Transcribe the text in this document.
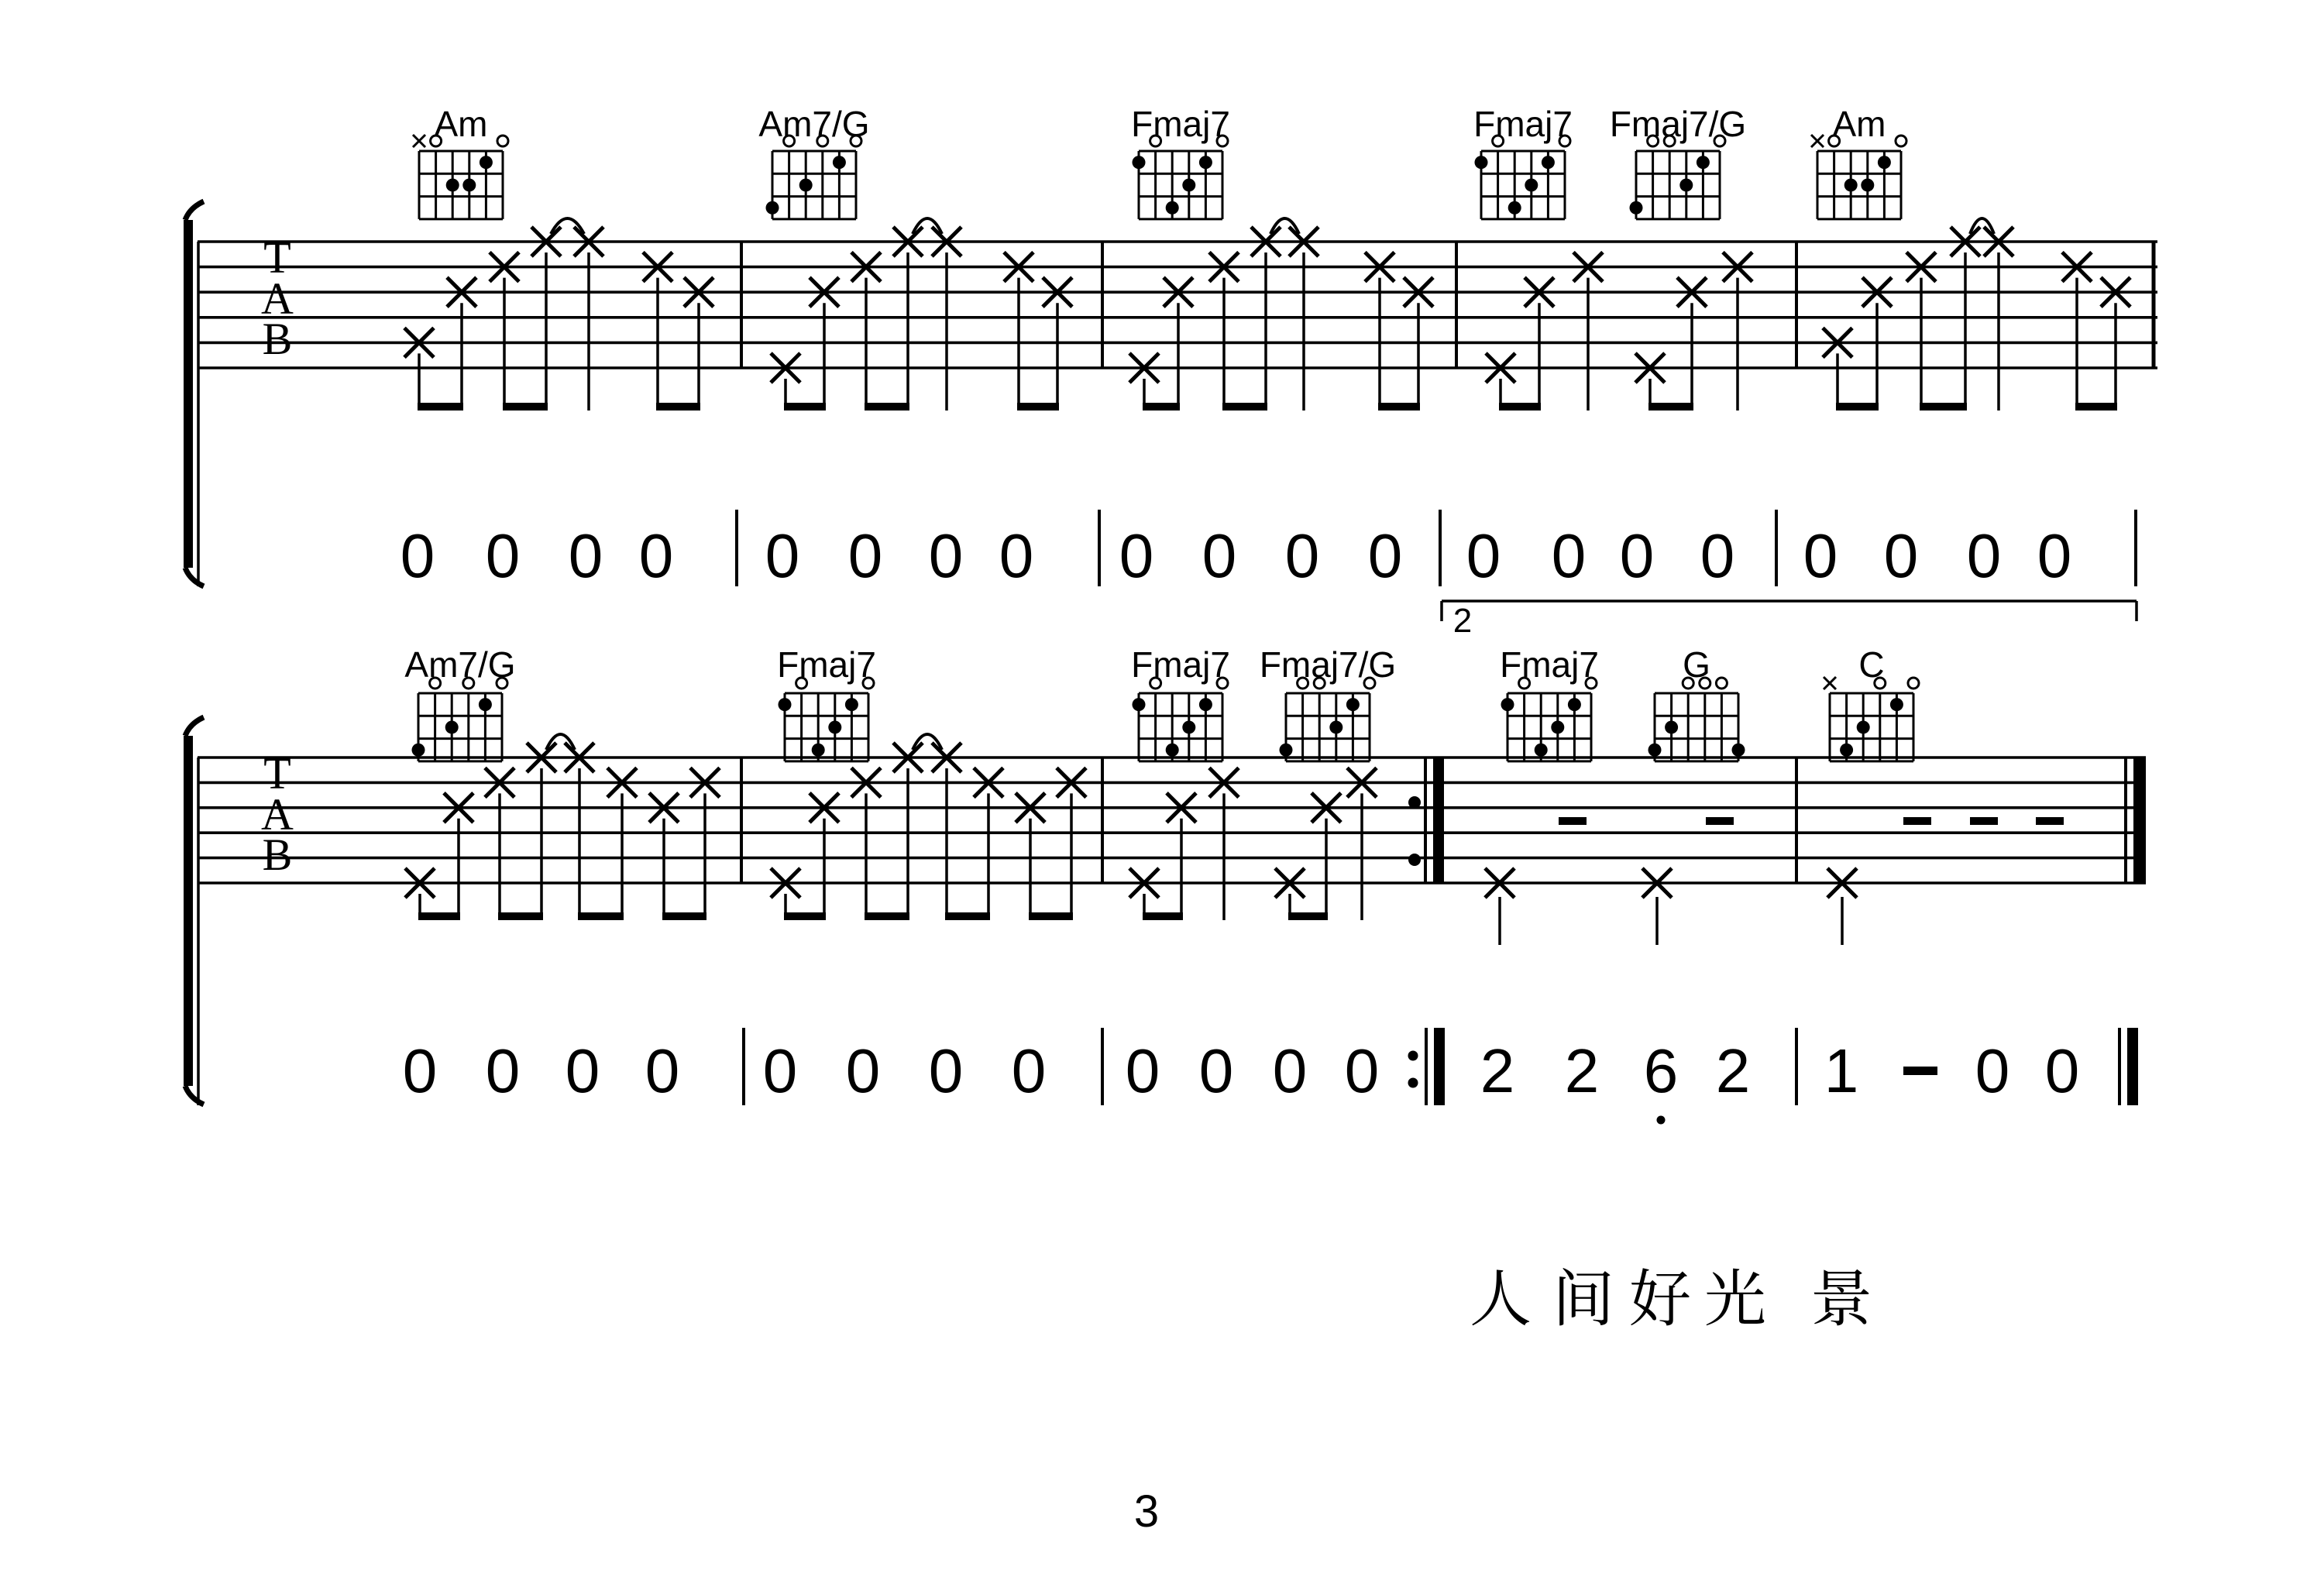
T
A
B
Am	Am7/G	Fmaj7	Fmaj7 Fmaj7/G Am
0 0 0 0 0 0 0 0 0 0 0 0 0 0 0 0 0 0 0 0
T
A
B
Am7/G	Fmaj7	Fmaj7 Fmaj7/G	Fmaj7 G	C
0 0 0 0 0 0 0 0 0 0 0 0 2 2 6 2 1 0 0
2
人 间 好 光 景
3
